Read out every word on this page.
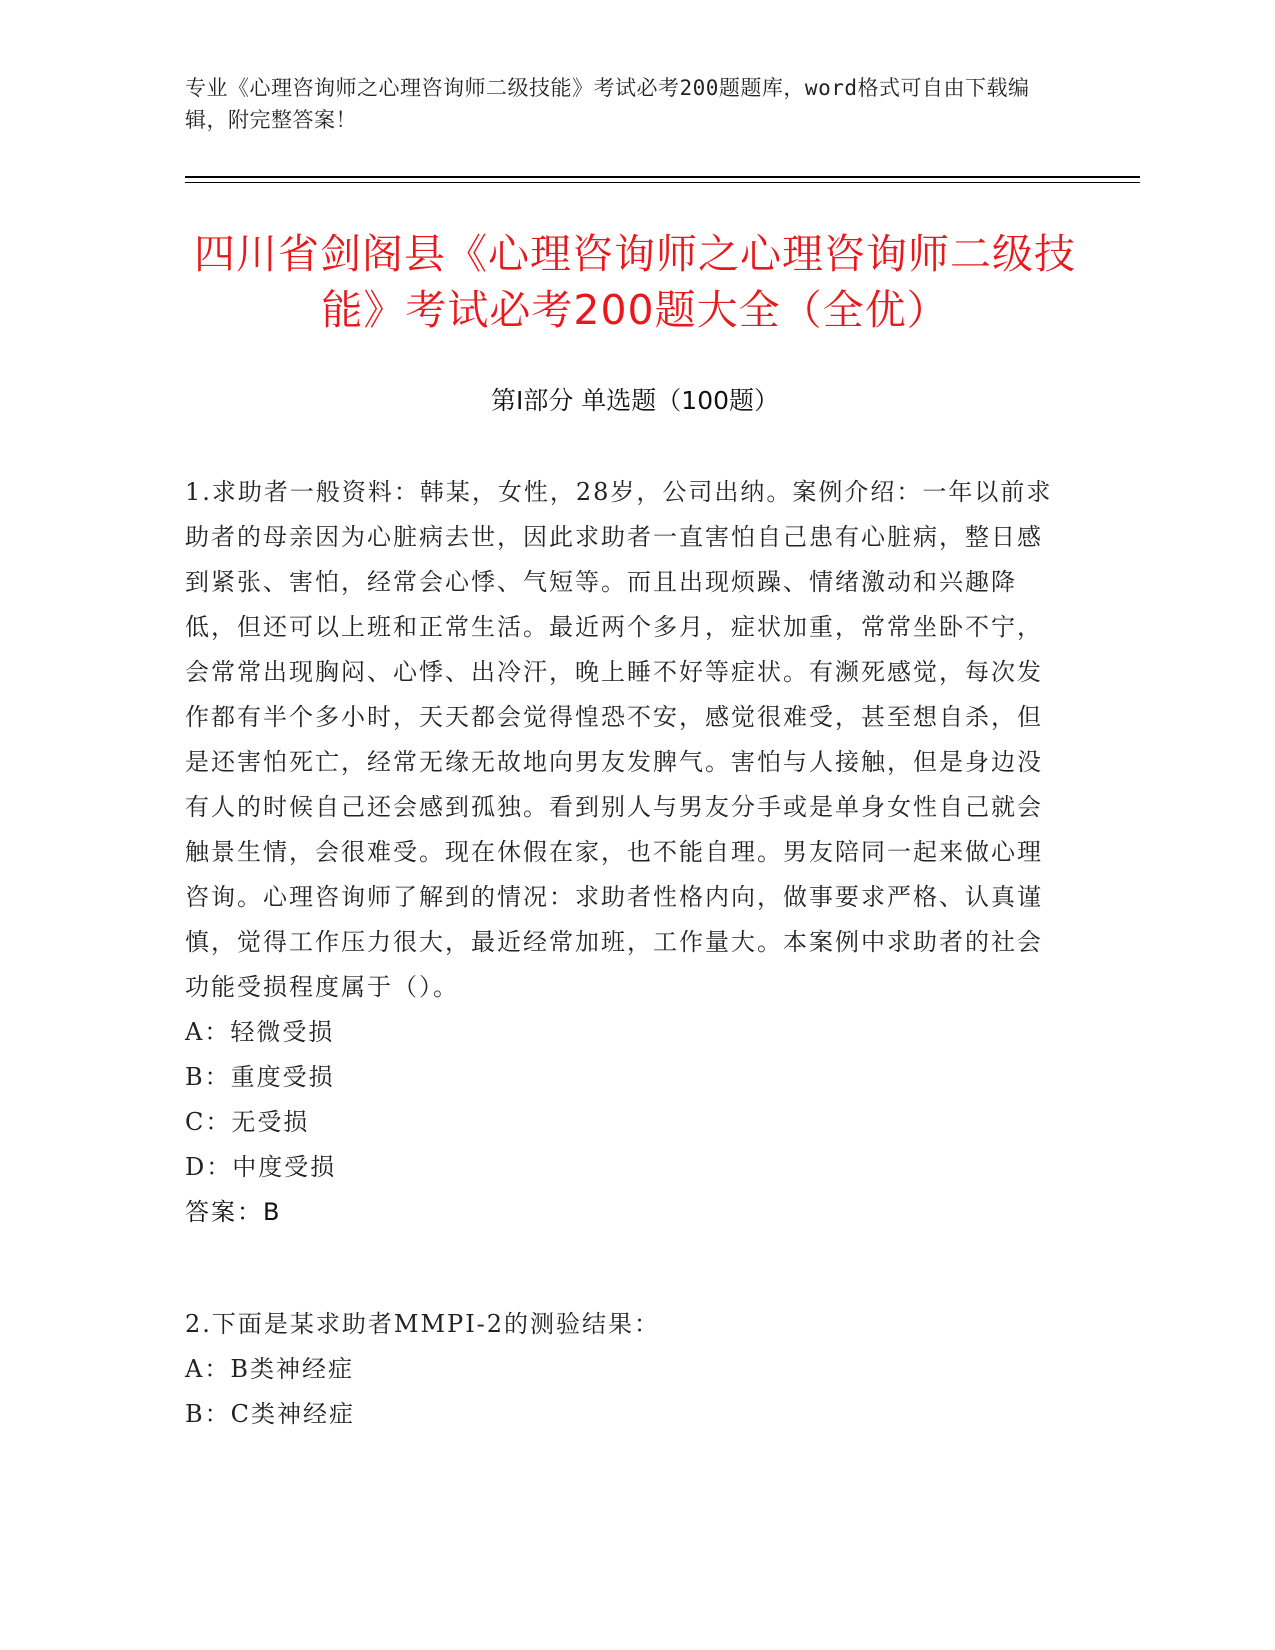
专业《心理咨询师之心理咨询师二级技能》考试必考200题题库，word格式可自由下载编辑，附完整答案！
四川省剑阁县《心理咨询师之心理咨询师二级技能》考试必考200题大全（全优）
第I部分 单选题（100题）
1.求助者一般资料：韩某，女性，28岁，公司出纳。案例介绍：一年以前求助者的母亲因为心脏病去世，因此求助者一直害怕自己患有心脏病，整日感到紧张、害怕，经常会心悸、气短等。而且出现烦躁、情绪激动和兴趣降低，但还可以上班和正常生活。最近两个多月，症状加重，常常坐卧不宁，会常常出现胸闷、心悸、出冷汗，晚上睡不好等症状。有濒死感觉，每次发作都有半个多小时，天天都会觉得惶恐不安，感觉很难受，甚至想自杀，但是还害怕死亡，经常无缘无故地向男友发脾气。害怕与人接触，但是身边没有人的时候自己还会感到孤独。看到别人与男友分手或是单身女性自己就会触景生情，会很难受。现在休假在家，也不能自理。男友陪同一起来做心理咨询。心理咨询师了解到的情况：求助者性格内向，做事要求严格、认真谨慎，觉得工作压力很大，最近经常加班，工作量大。本案例中求助者的社会功能受损程度属于（）。
A：轻微受损
B：重度受损
C：无受损
D：中度受损
答案：B
2.下面是某求助者MMPI-2的测验结果：
A：B类神经症
B：C类神经症
